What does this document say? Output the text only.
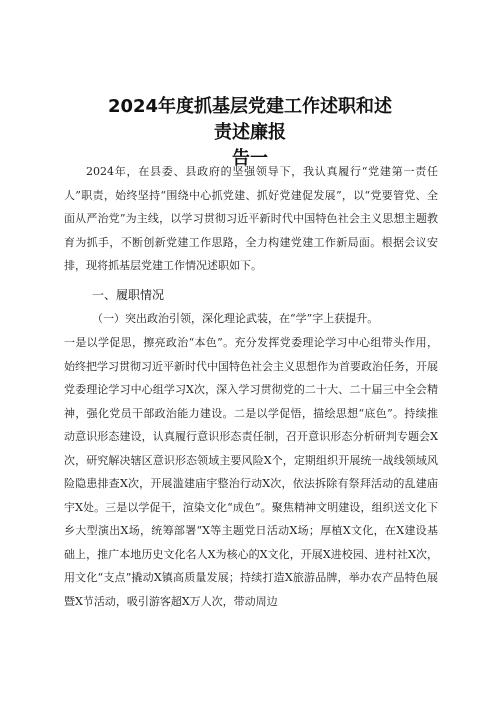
2024年度抓基层党建工作述职和述责述廉报
告一
2024年，在县委、县政府的坚强领导下，我认真履行“党建第一责任人”职责，始终坚持“围绕中心抓党建、抓好党建促发展”，以“党要管党、全面从严治党”为主线，以学习贯彻习近平新时代中国特色社会主义思想主题教育为抓手，不断创新党建工作思路，全力构建党建工作新局面。根据会议安排，现将抓基层党建工作情况述职如下。
一、履职情况
（一）突出政治引领，深化理论武装，在“学”字上获提升。
一是以学促思，擦亮政治“本色”。充分发挥党委理论学习中心组带头作用，始终把学习贯彻习近平新时代中国特色社会主义思想作为首要政治任务，开展党委理论学习中心组学习X次，深入学习贯彻党的二十大、二十届三中全会精神，强化党员干部政治能力建设。二是以学促悟，描绘思想“底色”。持续推动意识形态建设，认真履行意识形态责任制，召开意识形态分析研判专题会X次，研究解决辖区意识形态领域主要风险X个，定期组织开展统一战线领域风险隐患排查X次，开展滥建庙宇整治行动X次，依法拆除有祭拜活动的乱建庙宇X处。三是以学促干，渲染文化“成色”。聚焦精神文明建设，组织送文化下乡大型演出X场，统筹部署“X等主题党日活动X场；厚植X文化，在X建设基础上，推广本地历史文化名人X为核心的X文化，开展X进校园、进村社X次，用文化“支点”撬动X镇高质量发展；持续打造X旅游品牌，举办农产品特色展暨X节活动，吸引游客超X万人次，带动周边
